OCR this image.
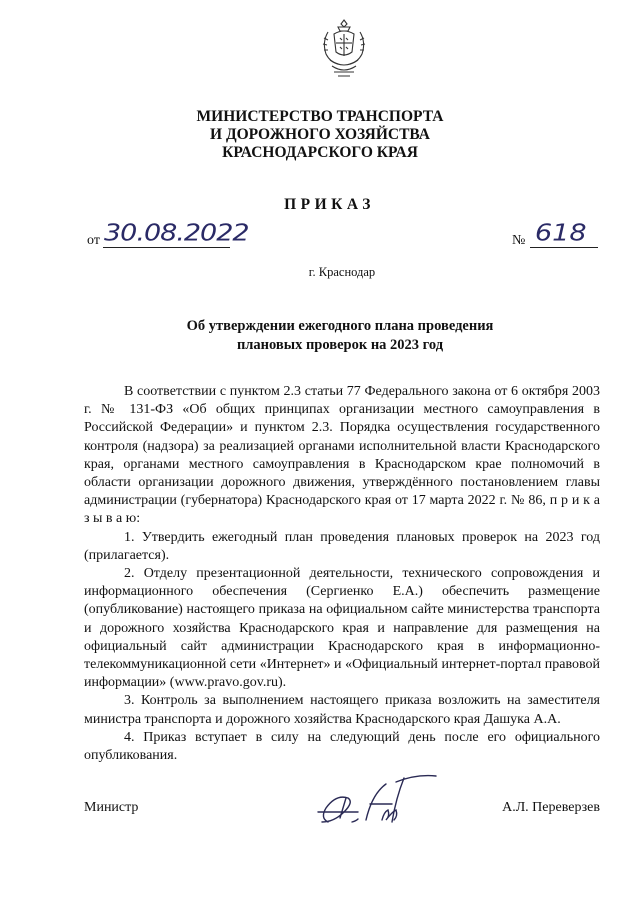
МИНИСТЕРСТВО ТРАНСПОРТА
И ДОРОЖНОГО ХОЗЯЙСТВА
КРАСНОДАРСКОГО КРАЯ
ПРИКАЗ
от 30.08.2022	№ 618
г. Краснодар
Об утверждении ежегодного плана проведения
плановых проверок на 2023 год

В соответствии с пунктом 2.3 статьи 77 Федерального закона от 6 октября 2003 г. № 131-ФЗ «Об общих принципах организации местного самоуправления в Российской Федерации» и пунктом 2.3. Порядка осуществления государственного контроля (надзора) за реализацией органами исполнительной власти Краснодарского края, органами местного самоуправления в Краснодарском крае полномочий в области организации дорожного движения, утверждённого постановлением главы администрации (губернатора) Краснодарского края от 17 марта 2022 г. № 86, п р и к а з ы в а ю:

1. Утвердить ежегодный план проведения плановых проверок на 2023 год (прилагается).

2. Отделу презентационной деятельности, технического сопровождения и информационного обеспечения (Сергиенко Е.А.) обеспечить размещение (опубликование) настоящего приказа на официальном сайте министерства транспорта и дорожного хозяйства Краснодарского края и направление для размещения на официальный сайт администрации Краснодарского края в информационно-телекоммуникационной сети «Интернет» и «Официальный интернет-портал правовой информации» (www.pravo.gov.ru).

3. Контроль за выполнением настоящего приказа возложить на заместителя министра транспорта и дорожного хозяйства Краснодарского края Дашука А.А.

4. Приказ вступает в силу на следующий день после его официального опубликования.

Министр	А.Л. Переверзев
